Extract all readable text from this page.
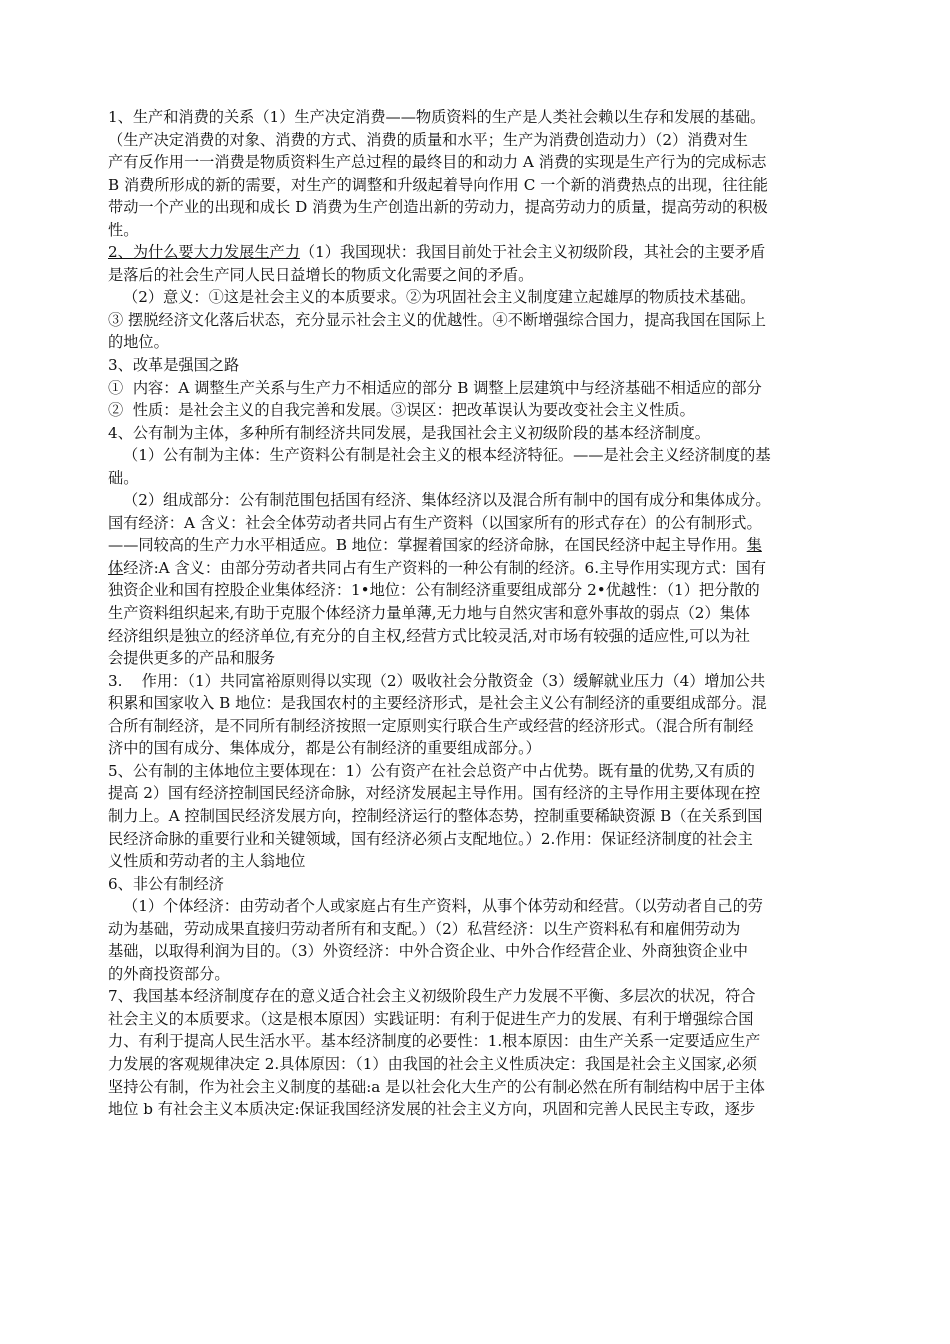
1、生产和消费的关系（1）生产决定消费——物质资料的生产是人类社会赖以生存和发展的基础。
（生产决定消费的对象、消费的方式、消费的质量和水平；生产为消费创造动力）（2）消费对生
产有反作用一一消费是物质资料生产总过程的最终目的和动力 A 消费的实现是生产行为的完成标志
B 消费所形成的新的需要，对生产的调整和升级起着导向作用 C 一个新的消费热点的出现，往往能
带动一个产业的出现和成长 D 消费为生产创造出新的劳动力，提高劳动力的质量，提高劳动的积极
性。
2、为什么要大力发展生产力（1）我国现状：我国目前处于社会主义初级阶段，其社会的主要矛盾
是落后的社会生产同人民日益增长的物质文化需要之间的矛盾。
（2）意义：①这是社会主义的本质要求。②为巩固社会主义制度建立起雄厚的物质技术基础。
③ 摆脱经济文化落后状态，充分显示社会主义的优越性。④不断增强综合国力，提高我国在国际上
的地位。
3、改革是强国之路
①  内容：A 调整生产关系与生产力不相适应的部分 B 调整上层建筑中与经济基础不相适应的部分
②  性质：是社会主义的自我完善和发展。③误区：把改革误认为要改变社会主义性质。
4、公有制为主体，多种所有制经济共同发展，是我国社会主义初级阶段的基本经济制度。
（1）公有制为主体：生产资料公有制是社会主义的根本经济特征。——是社会主义经济制度的基
础。
（2）组成部分：公有制范围包括国有经济、集体经济以及混合所有制中的国有成分和集体成分。
国有经济：A 含义：社会全体劳动者共同占有生产资料（以国家所有的形式存在）的公有制形式。
——同较高的生产力水平相适应。B 地位：掌握着国家的经济命脉，在国民经济中起主导作用。集
体经济:A 含义：由部分劳动者共同占有生产资料的一种公有制的经济。6.主导作用实现方式：国有
独资企业和国有控股企业集体经济：1•地位：公有制经济重要组成部分 2•优越性：（1）把分散的
生产资料组织起来,有助于克服个体经济力量单薄,无力地与自然灾害和意外事故的弱点（2）集体
经济组织是独立的经济单位,有充分的自主权,经营方式比较灵活,对市场有较强的适应性,可以为社
会提供更多的产品和服务
3.    作用：（1）共同富裕原则得以实现（2）吸收社会分散资金（3）缓解就业压力（4）增加公共
积累和国家收入 B 地位：是我国农村的主要经济形式，是社会主义公有制经济的重要组成部分。混
合所有制经济，是不同所有制经济按照一定原则实行联合生产或经营的经济形式。（混合所有制经
济中的国有成分、集体成分，都是公有制经济的重要组成部分。）
5、公有制的主体地位主要体现在：1）公有资产在社会总资产中占优势。既有量的优势,又有质的
提高 2）国有经济控制国民经济命脉，对经济发展起主导作用。国有经济的主导作用主要体现在控
制力上。A 控制国民经济发展方向，控制经济运行的整体态势，控制重要稀缺资源 B（在关系到国
民经济命脉的重要行业和关键领域，国有经济必须占支配地位。）2.作用：保证经济制度的社会主
义性质和劳动者的主人翁地位
6、非公有制经济
（1）个体经济：由劳动者个人或家庭占有生产资料，从事个体劳动和经营。（以劳动者自己的劳
动为基础，劳动成果直接归劳动者所有和支配。）（2）私营经济：以生产资料私有和雇佣劳动为
基础，以取得利润为目的。（3）外资经济：中外合资企业、中外合作经营企业、外商独资企业中
的外商投资部分。
7、我国基本经济制度存在的意义适合社会主义初级阶段生产力发展不平衡、多层次的状况，符合
社会主义的本质要求。（这是根本原因）实践证明：有利于促进生产力的发展、有利于增强综合国
力、有利于提高人民生活水平。基本经济制度的必要性：1.根本原因：由生产关系一定要适应生产
力发展的客观规律决定 2.具体原因：（1）由我国的社会主义性质决定：我国是社会主义国家,必须
坚持公有制，作为社会主义制度的基础:a 是以社会化大生产的公有制必然在所有制结构中居于主体
地位 b 有社会主义本质决定:保证我国经济发展的社会主义方向，巩固和完善人民民主专政，逐步
